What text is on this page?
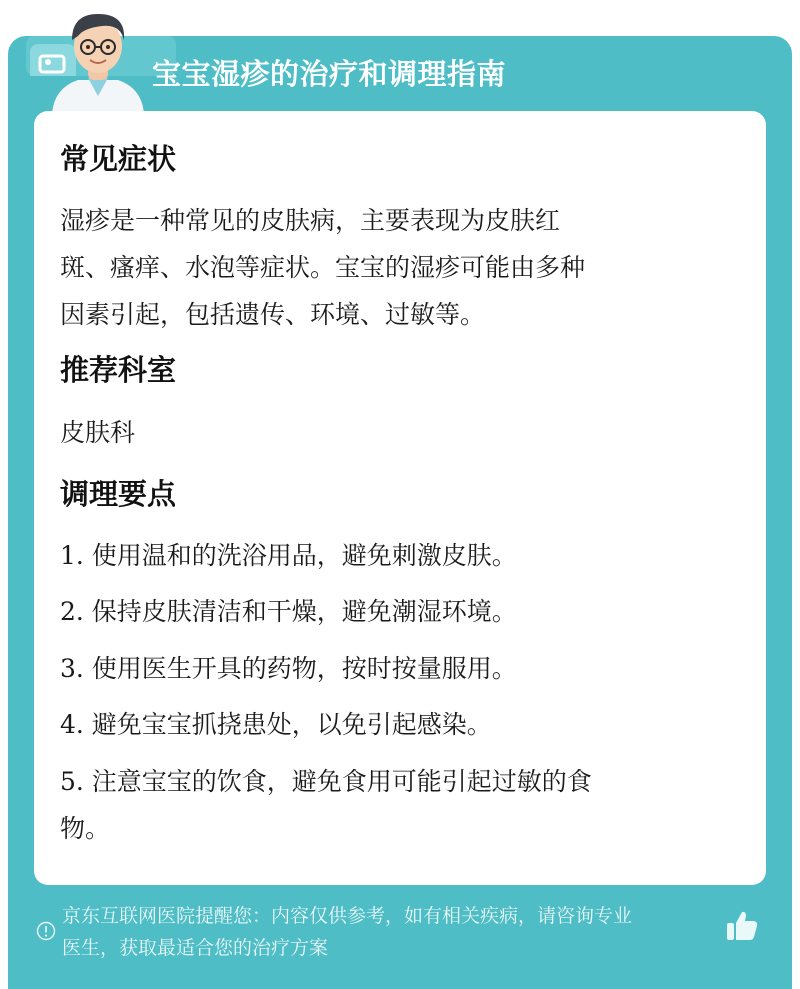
宝宝湿疹的治疗和调理指南
常见症状
湿疹是一种常见的皮肤病，主要表现为皮肤红
斑、瘙痒、水泡等症状。宝宝的湿疹可能由多种
因素引起，包括遗传、环境、过敏等。
推荐科室
皮肤科
调理要点
1. 使用温和的洗浴用品，避免刺激皮肤。
2. 保持皮肤清洁和干燥，避免潮湿环境。
3. 使用医生开具的药物，按时按量服用。
4. 避免宝宝抓挠患处，以免引起感染。
5. 注意宝宝的饮食，避免食用可能引起过敏的食
物。
京东互联网医院提醒您：内容仅供参考，如有相关疾病，请咨询专业
医生，获取最适合您的治疗方案
